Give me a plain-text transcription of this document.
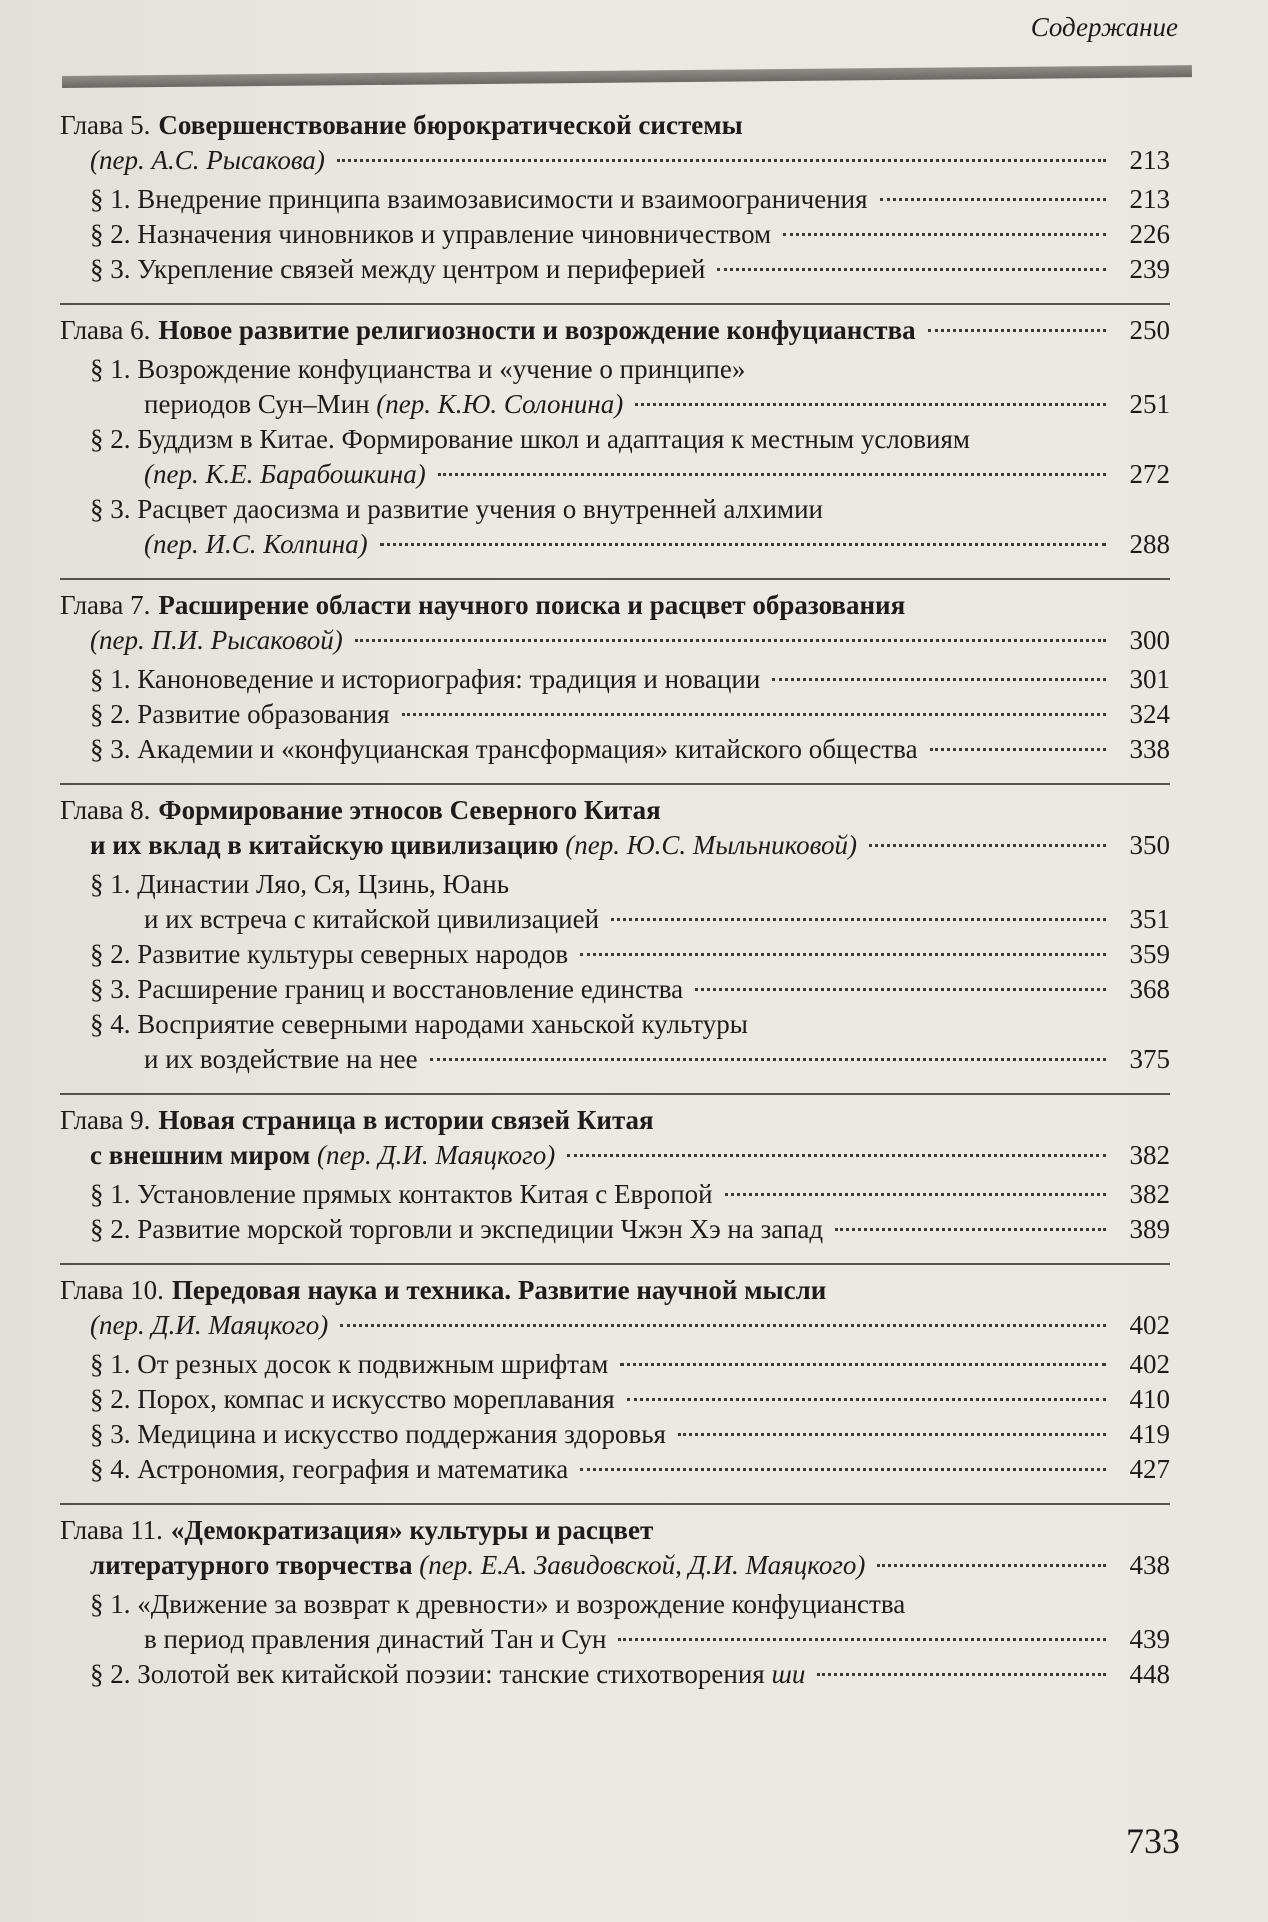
Содержание
Глава 5. Совершенствование бюрократической системы
(пер. А.С. Рысакова)	213
§ 1. Внедрение принципа взаимозависимости и взаимоограничения	213
§ 2. Назначения чиновников и управление чиновничеством	226
§ 3. Укрепление связей между центром и периферией	239
Глава 6. Новое развитие религиозности и возрождение конфуцианства	250
§ 1. Возрождение конфуцианства и «учение о принципе»
периодов Сун–Мин
(пер. К.Ю. Солонина)	251
§ 2. Буддизм в Китае. Формирование школ и адаптация к местным условиям
(пер. К.Е. Барабошкина)	272
§ 3. Расцвет даосизма и развитие учения о внутренней алхимии
(пер. И.С. Колпина)	288
Глава 7. Расширение области научного поиска и расцвет образования
(пер. П.И. Рысаковой)	300
§ 1. Каноноведение и историография: традиция и новации	301
§ 2. Развитие образования	324
§ 3. Академии и «конфуцианская трансформация» китайского общества	338
Глава 8. Формирование этносов Северного Китая
и их вклад в китайскую цивилизацию
(пер. Ю.С. Мыльниковой)	350
§ 1. Династии Ляо, Ся, Цзинь, Юань
и их встреча с китайской цивилизацией	351
§ 2. Развитие культуры северных народов	359
§ 3. Расширение границ и восстановление единства	368
§ 4. Восприятие северными народами ханьской культуры
и их воздействие на нее	375
Глава 9. Новая страница в истории связей Китая
с внешним миром
(пер. Д.И. Маяцкого)	382
§ 1. Установление прямых контактов Китая с Европой	382
§ 2. Развитие морской торговли и экспедиции Чжэн Хэ на запад	389
Глава 10. Передовая наука и техника. Развитие научной мысли
(пер. Д.И. Маяцкого)	402
§ 1. От резных досок к подвижным шрифтам	402
§ 2. Порох, компас и искусство мореплавания	410
§ 3. Медицина и искусство поддержания здоровья	419
§ 4. Астрономия, география и математика	427
Глава 11. «Демократизация» культуры и расцвет
литературного творчества
(пер. Е.А. Завидовской, Д.И. Маяцкого)	438
§ 1. «Движение за возврат к древности» и возрождение конфуцианства
в период правления династий Тан и Сун	439
§ 2. Золотой век китайской поэзии: танские стихотворения
ши	448
733
